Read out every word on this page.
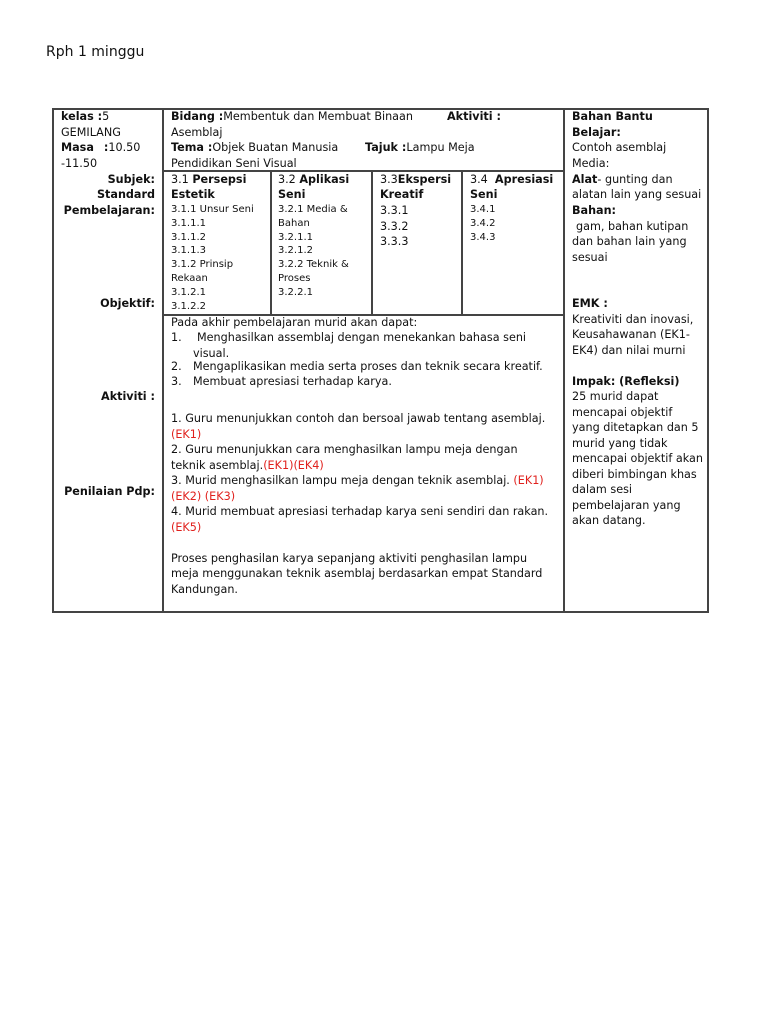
Rph 1 minggu
kelas :5
GEMILANG
Masa :10.50
-11.50
Subjek:
Standard
Pembelajaran:
Objektif:
Aktiviti :
Penilaian Pdp:
Bidang :Membentuk dan Membuat Binaan	Aktiviti :
Asemblaj
Tema :Objek Buatan Manusia Tajuk :Lampu Meja
Pendidikan Seni Visual
3.1 Persepsi
Estetik
3.1.1 Unsur Seni
3.1.1.1
3.1.1.2
3.1.1.3
3.1.2 Prinsip
Rekaan
3.1.2.1
3.1.2.2
3.2 Aplikasi
Seni
3.2.1 Media &
Bahan
3.2.1.1
3.2.1.2
3.2.2 Teknik &
Proses
3.2.2.1
3.3Ekspersi
Kreatif
3.3.1
3.3.2
3.3.3
3.4 Apresiasi
Seni
3.4.1
3.4.2
3.4.3
Pada akhir pembelajaran murid akan dapat:
1. Menghasilkan assemblaj dengan menekankan bahasa seni
visual.
2. Mengaplikasikan media serta proses dan teknik secara kreatif.
3. Membuat apresiasi terhadap karya.
1. Guru menunjukkan contoh dan bersoal jawab tentang asemblaj.
(EK1)
2. Guru menunjukkan cara menghasilkan lampu meja dengan
teknik asemblaj.(EK1)(EK4)
3. Murid menghasilkan lampu meja dengan teknik asemblaj. (EK1)
(EK2) (EK3)
4. Murid membuat apresiasi terhadap karya seni sendiri dan rakan.
(EK5)
Proses penghasilan karya sepanjang aktiviti penghasilan lampu
meja menggunakan teknik asemblaj berdasarkan empat Standard
Kandungan.
Bahan Bantu
Belajar:
Contoh asemblaj
Media:
Alat- gunting dan
alatan lain yang sesuai
Bahan:
gam, bahan kutipan
dan bahan lain yang
sesuai
EMK :
Kreativiti dan inovasi,
Keusahawanan (EK1-
EK4) dan nilai murni
Impak: (Refleksi)
25 murid dapat
mencapai objektif
yang ditetapkan dan 5
murid yang tidak
mencapai objektif akan
diberi bimbingan khas
dalam sesi
pembelajaran yang
akan datang.
